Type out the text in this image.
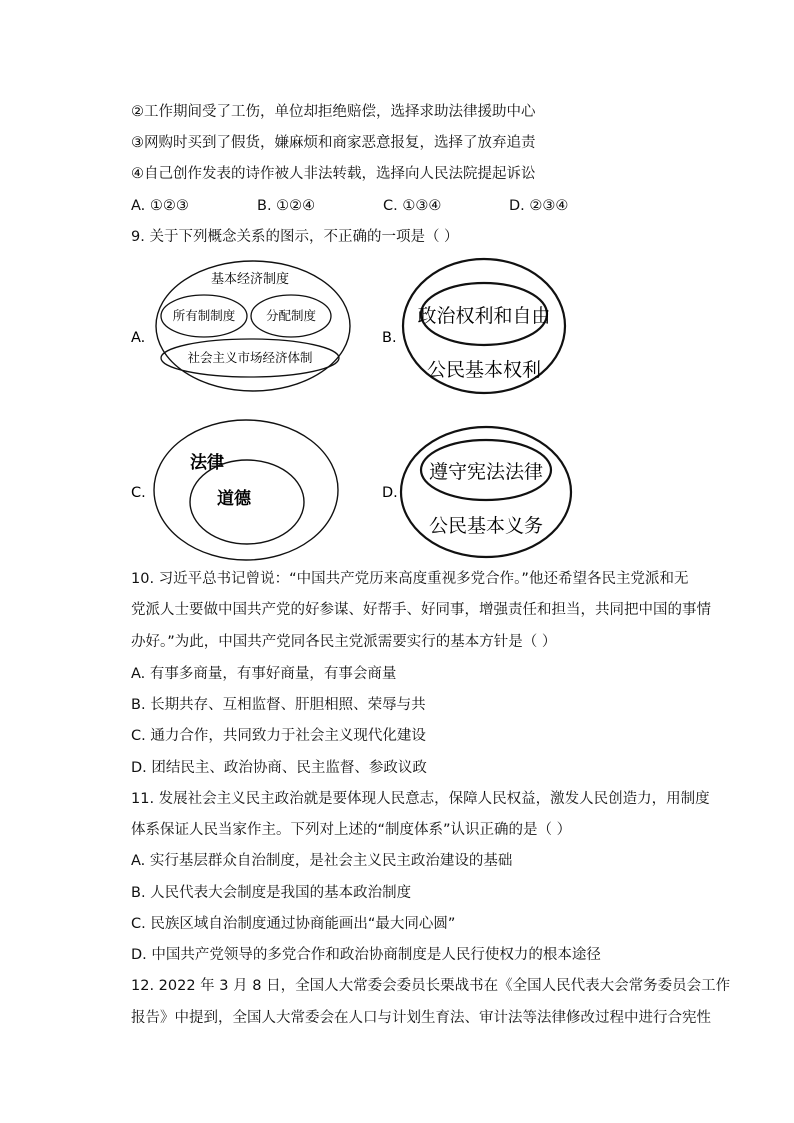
②工作期间受了工伤，单位却拒绝赔偿，选择求助法律援助中心
③网购时买到了假货，嫌麻烦和商家恶意报复，选择了放弃追责
④自己创作发表的诗作被人非法转载，选择向人民法院提起诉讼
A. ①②③	B. ①②④	C. ①③④	D. ②③④
9. 关于下列概念关系的图示，不正确的一项是（ ）
A.
基本经济制度
所有制制度 分配制度
社会主义市场经济体制
B.
政治权利和自由
公民基本权利
C.
法律
道德	D.
遵守宪法法律
公民基本义务
10. 习近平总书记曾说：“中国共产党历来高度重视多党合作。”他还希望各民主党派和无
党派人士要做中国共产党的好参谋、好帮手、好同事，增强责任和担当，共同把中国的事情
办好。”为此，中国共产党同各民主党派需要实行的基本方针是（ ）
A. 有事多商量，有事好商量，有事会商量
B. 长期共存、互相监督、肝胆相照、荣辱与共
C. 通力合作，共同致力于社会主义现代化建设
D. 团结民主、政治协商、民主监督、参政议政
11. 发展社会主义民主政治就是要体现人民意志，保障人民权益，激发人民创造力，用制度
体系保证人民当家作主。下列对上述的“制度体系”认识正确的是（ ）
A. 实行基层群众自治制度，是社会主义民主政治建设的基础
B. 人民代表大会制度是我国的基本政治制度
C. 民族区域自治制度通过协商能画出“最大同心圆”
D. 中国共产党领导的多党合作和政治协商制度是人民行使权力的根本途径
12. 2022 年 3 月 8 日，全国人大常委会委员长栗战书在《全国人民代表大会常务委员会工作
报告》中提到，全国人大常委会在人口与计划生育法、审计法等法律修改过程中进行合宪性
